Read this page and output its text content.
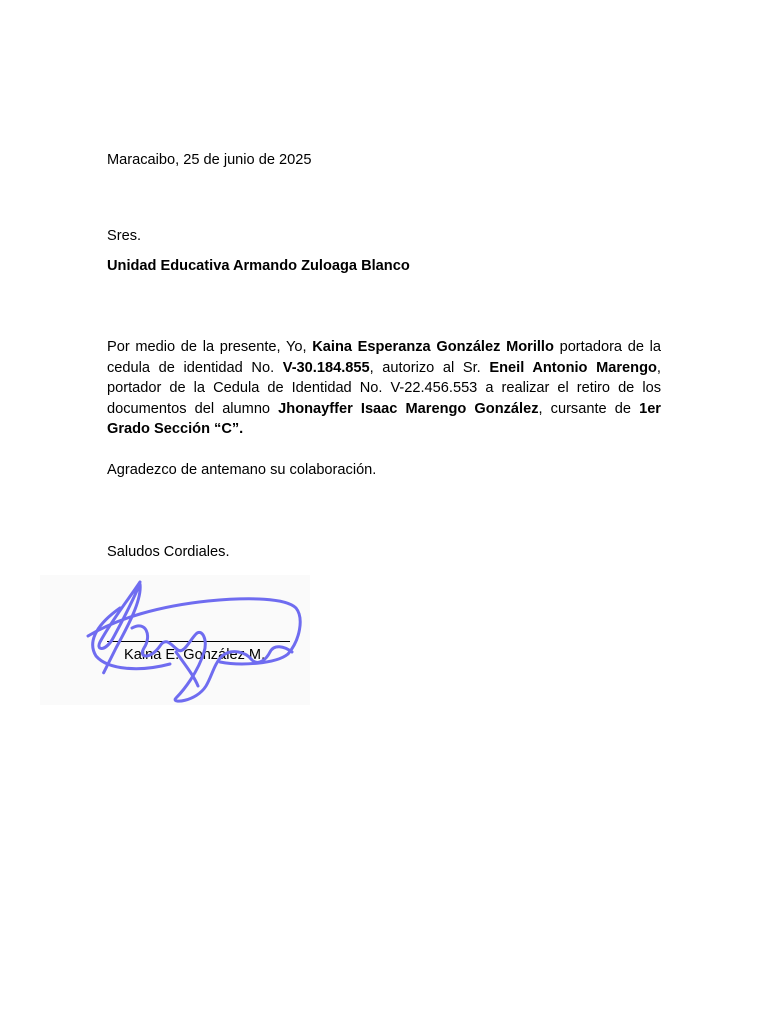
Maracaibo, 25 de junio de 2025
Sres.
Unidad Educativa Armando Zuloaga Blanco
Por medio de la presente, Yo, Kaina Esperanza González Morillo portadora de la cedula de identidad No. V-30.184.855, autorizo al Sr. Eneil Antonio Marengo, portador de la Cedula de Identidad No. V-22.456.553 a realizar el retiro de los documentos del alumno Jhonayffer Isaac Marengo González, cursante de 1er Grado Sección “C”.
Agradezco de antemano su colaboración.
Saludos Cordiales.
Kaina E. González M.
